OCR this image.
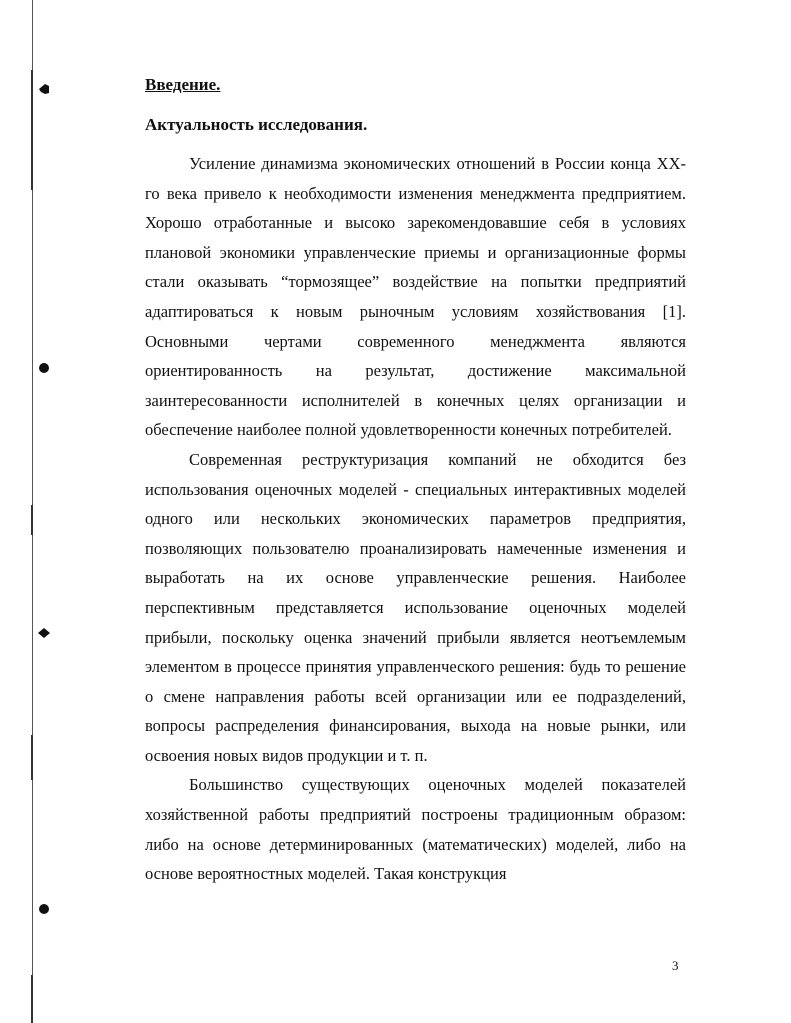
Введение.
Актуальность исследования.

Усиление динамизма экономических отношений в России конца XX-го века привело к необходимости изменения менеджмента предприятием. Хорошо отработанные и высоко зарекомендовавшие себя в условиях плановой экономики управленческие приемы и организационные формы стали оказывать “тормозящее” воздействие на попытки предприятий адаптироваться к новым рыночным условиям хозяйствования [1]. Основными чертами современного менеджмента являются ориентированность на результат, достижение максимальной заинтересованности исполнителей в конечных целях организации и обеспечение наиболее полной удовлетворенности конечных потребителей.

Современная реструктуризация компаний не обходится без использования оценочных моделей - специальных интерактивных моделей одного или нескольких экономических параметров предприятия, позволяющих пользователю проанализировать намеченные изменения и выработать на их основе управленческие решения. Наиболее перспективным представляется использование оценочных моделей прибыли, поскольку оценка значений прибыли является неотъемлемым элементом в процессе принятия управленческого решения: будь то решение о смене направления работы всей организации или ее подразделений, вопросы распределения финансирования, выхода на новые рынки, или освоения новых видов продукции и т. п.

Большинство существующих оценочных моделей показателей хозяйственной работы предприятий построены традиционным образом: либо на основе детерминированных (математических) моделей, либо на основе вероятностных моделей. Такая конструкция

3
